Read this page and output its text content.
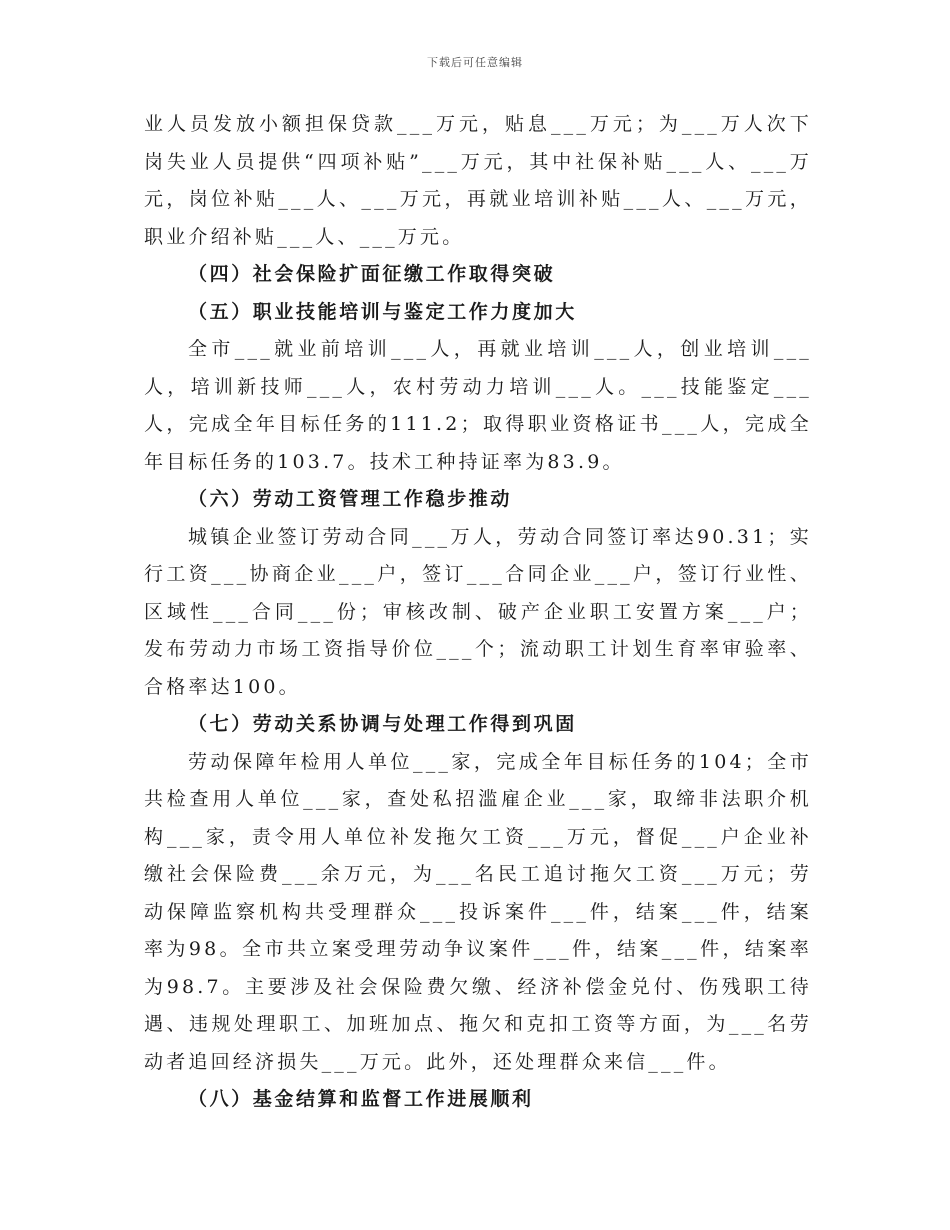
下载后可任意编辑

业人员发放小额担保贷款___万元，贴息___万元；为___万人次下岗失业人员提供“四项补贴”___万元，其中社保补贴___人、___万元，岗位补贴___人、___万元，再就业培训补贴___人、___万元，职业介绍补贴___人、___万元。

（四）社会保险扩面征缴工作取得突破

（五）职业技能培训与鉴定工作力度加大

全市___就业前培训___人，再就业培训___人，创业培训___人，培训新技师___人，农村劳动力培训___人。___技能鉴定___人，完成全年目标任务的111.2；取得职业资格证书___人，完成全年目标任务的103.7。技术工种持证率为83.9。

（六）劳动工资管理工作稳步推动

城镇企业签订劳动合同___万人，劳动合同签订率达90.31；实行工资___协商企业___户，签订___合同企业___户，签订行业性、区域性___合同___份；审核改制、破产企业职工安置方案___户；发布劳动力市场工资指导价位___个；流动职工计划生育率审验率、合格率达100。

（七）劳动关系协调与处理工作得到巩固

劳动保障年检用人单位___家，完成全年目标任务的104；全市共检查用人单位___家，查处私招滥雇企业___家，取缔非法职介机构___家，责令用人单位补发拖欠工资___万元，督促___户企业补缴社会保险费___余万元，为___名民工追讨拖欠工资___万元；劳动保障监察机构共受理群众___投诉案件___件，结案___件，结案率为98。全市共立案受理劳动争议案件___件，结案___件，结案率为98.7。主要涉及社会保险费欠缴、经济补偿金兑付、伤残职工待遇、违规处理职工、加班加点、拖欠和克扣工资等方面，为___名劳动者追回经济损失___万元。此外，还处理群众来信___件。

（八）基金结算和监督工作进展顺利
